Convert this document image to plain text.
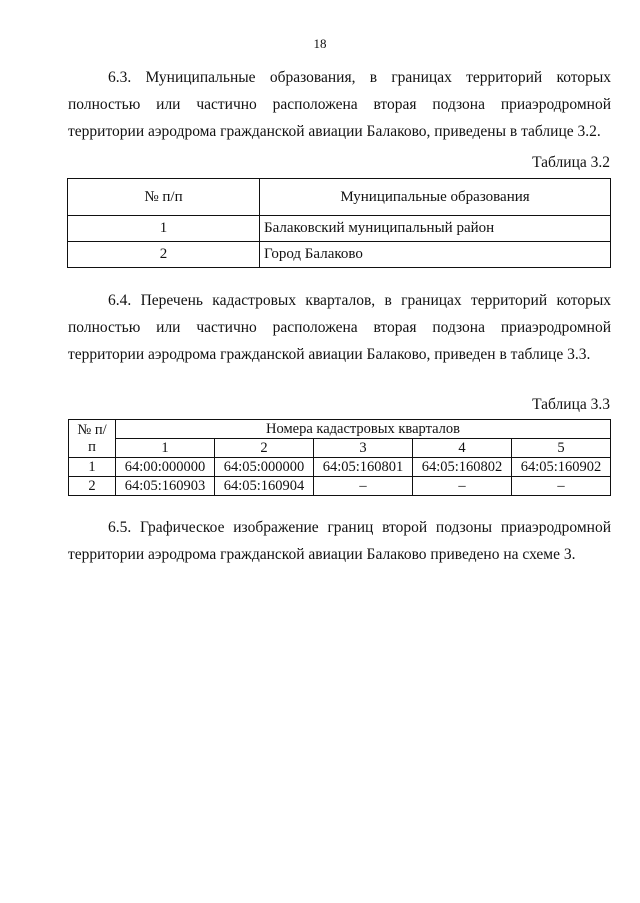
18

6.3. Муниципальные образования, в границах территорий которых полностью или частично расположена вторая подзона приаэродромной территории аэродрома гражданской авиации Балаково, приведены в таблице 3.2.

Таблица 3.2
№ п/п	Муниципальные образования
1	Балаковский муниципальный район
2	Город Балаково

6.4. Перечень кадастровых кварталов, в границах территорий которых полностью или частично расположена вторая подзона приаэродромной территории аэродрома гражданской авиации Балаково, приведен в таблице 3.3.

Таблица 3.3
№ п/п	Номера кадастровых кварталов				
	1	2	3	4	5
1	64:00:000000	64:05:000000	64:05:160801	64:05:160802	64:05:160902
2	64:05:160903	64:05:160904	–	–	–

6.5. Графическое изображение границ второй подзоны приаэродромной территории аэродрома гражданской авиации Балаково приведено на схеме 3.
